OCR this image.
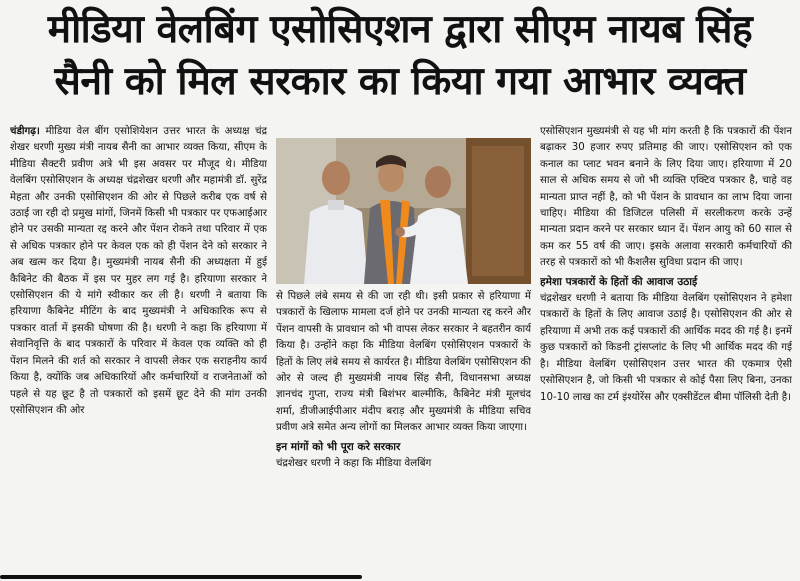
मीडिया वेलबिंग एसोसिएशन द्वारा सीएम नायब सिंह
सैनी को मिल सरकार का किया गया आभार व्यक्त

चंडीगढ़। मीडिया वेल बींग एसोशियेशन उत्तर भारत के अध्यक्ष चंद्र शेखर धरणी मुख्य मंत्री नायब सैनी का आभार व्यक्त किया, सीएम के मीडिया सैक्टरी प्रवीण अत्रे भी इस अवसर पर मौजूद थे। मीडिया वेलबिंग एसोसिएशन के अध्यक्ष चंद्रशेखर धरणी और महामंत्री डॉ. सुरेंद्र मेहता और उनकी एसोसिएशन की ओर से पिछले करीब एक वर्ष से उठाई जा रही दो प्रमुख मांगों, जिनमें किसी भी पत्रकार पर एफआईआर होने पर उसकी मान्यता रद्द करने और पेंशन रोकने तथा परिवार में एक से अधिक पत्रकार होने पर केवल एक को ही पेंशन देने को सरकार ने अब खत्म कर दिया है। मुख्यमंत्री नायब सैनी की अध्यक्षता में हुई कैबिनेट की बैठक में इस पर मुहर लग गई है। हरियाणा सरकार ने एसोसिएशन की ये मांगे स्वीकार कर ली है। धरणी ने बताया कि हरियाणा कैबिनेट मीटिंग के बाद मुख्यमंत्री ने अधिकारिक रूप से पत्रकार वार्ता में इसकी घोषणा की है। धरणी ने कहा कि हरियाणा में सेवानिवृत्ति के बाद पत्रकारों के परिवार में केवल एक व्यक्ति को ही पेंशन मिलने की शर्त को सरकार ने वापसी लेकर एक सराहनीय कार्य किया है, क्योंकि जब अधिकारियों और कर्मचारियों व राजनेताओं को पहले से यह छूट है तो पत्रकारों को इसमें छूट देने की मांग उनकी एसोसिएशन की ओर

से पिछले लंबे समय से की जा रही थी। इसी प्रकार से हरियाणा में पत्रकारों के खिलाफ मामला दर्ज होने पर उनकी मान्यता रद्द करने और पेंशन वापसी के प्रावधान को भी वापस लेकर सरकार ने बहतरीन कार्य किया है। उन्होंने कहा कि मीडिया वेलबिंग एसोसिएशन पत्रकारों के हितों के लिए लंबे समय से कार्यरत है। मीडिया वेलबिंग एसोसिएशन की ओर से जल्द ही मुख्यमंत्री नायब सिंह सैनी, विधानसभा अध्यक्ष ज्ञानचंद गुप्ता, राज्य मंत्री बिशंभर बाल्मीकि, कैबिनेट मंत्री मूलचंद शर्मा, डीजीआईपीआर मंदीप बराड़ और मुख्यमंत्री के मीडिया सचिव प्रवीण अत्रे समेत अन्य लोगों का मिलकर आभार व्यक्त किया जाएगा।

इन मांगों को भी पूरा करे सरकार

चंद्रशेखर धरणी ने कहा कि मीडिया वेलबिंग

एसोसिएशन मुख्यमंत्री से यह भी मांग करती है कि पत्रकारों की पेंशन बढ़ाकर 30 हजार रुपए प्रतिमाह की जाए। एसोसिएशन को एक कनाल का प्लाट भवन बनाने के लिए दिया जाए। हरियाणा में 20 साल से अधिक समय से जो भी व्यक्ति एक्टिव पत्रकार है, चाहे वह मान्यता प्राप्त नहीं है, को भी पेंशन के प्रावधान का लाभ दिया जाना चाहिए। मीडिया की डिजिटल पलिसी में सरलीकरण करके उन्हें मान्यता प्रदान करने पर सरकार ध्यान दें। पेंशन आयु को 60 साल से कम कर 55 वर्ष की जाए। इसके अलावा सरकारी कर्मचारियों की तरह से पत्रकारों को भी कैशलैस सुविधा प्रदान की जाए।

हमेशा पत्रकारों के हितों की आवाज उठाई

चंद्रशेखर धरणी ने बताया कि मीडिया वेलबिंग एसोसिएशन ने हमेशा पत्रकारों के हितों के लिए आवाज उठाई है। एसोसिएशन की ओर से हरियाणा में अभी तक कई पत्रकारों की आर्थिक मदद की गई है। इनमें कुछ पत्रकारों को किडनी ट्रांसप्लांट के लिए भी आर्थिक मदद की गई है। मीडिया वेलबिंग एसोसिएशन उत्तर भारत की एकमात्र ऐसी एसोसिएशन है, जो किसी भी पत्रकार से कोई पैसा लिए बिना, उनका 10-10 लाख का टर्म इंश्योरेंस और एक्सीडेंटल बीमा पॉलिसी देती है।
